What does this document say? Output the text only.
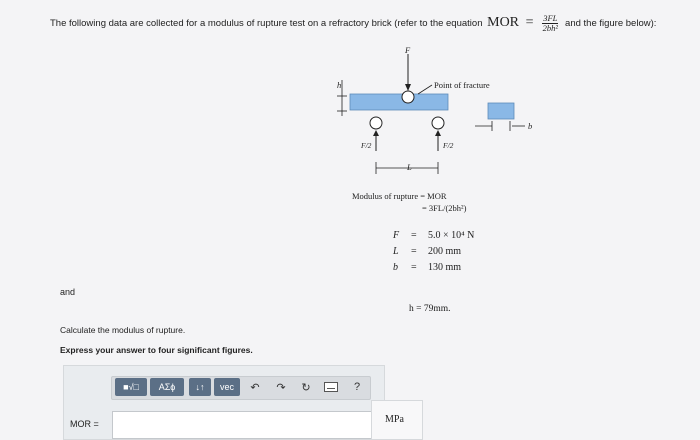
The following data are collected for a modulus of rupture test on a refractory brick (refer to the equation MOR = $\frac{3FL}{\text{2bh²}}$ and the figure below):
F
h	Point of fracture
F/2	F/2
L
b
Modulus of rupture = MOR
= 3FL/(2bh²)
F = 5.0 × 10⁴ N
L = 200 mm
b = 130 mm
h = 79mm.
and
Calculate the modulus of rupture.
Express your answer to four significant figures.
■√□ AΣϕ ↓↑ vec	↶	↷	↻	?
MOR =	MPa
